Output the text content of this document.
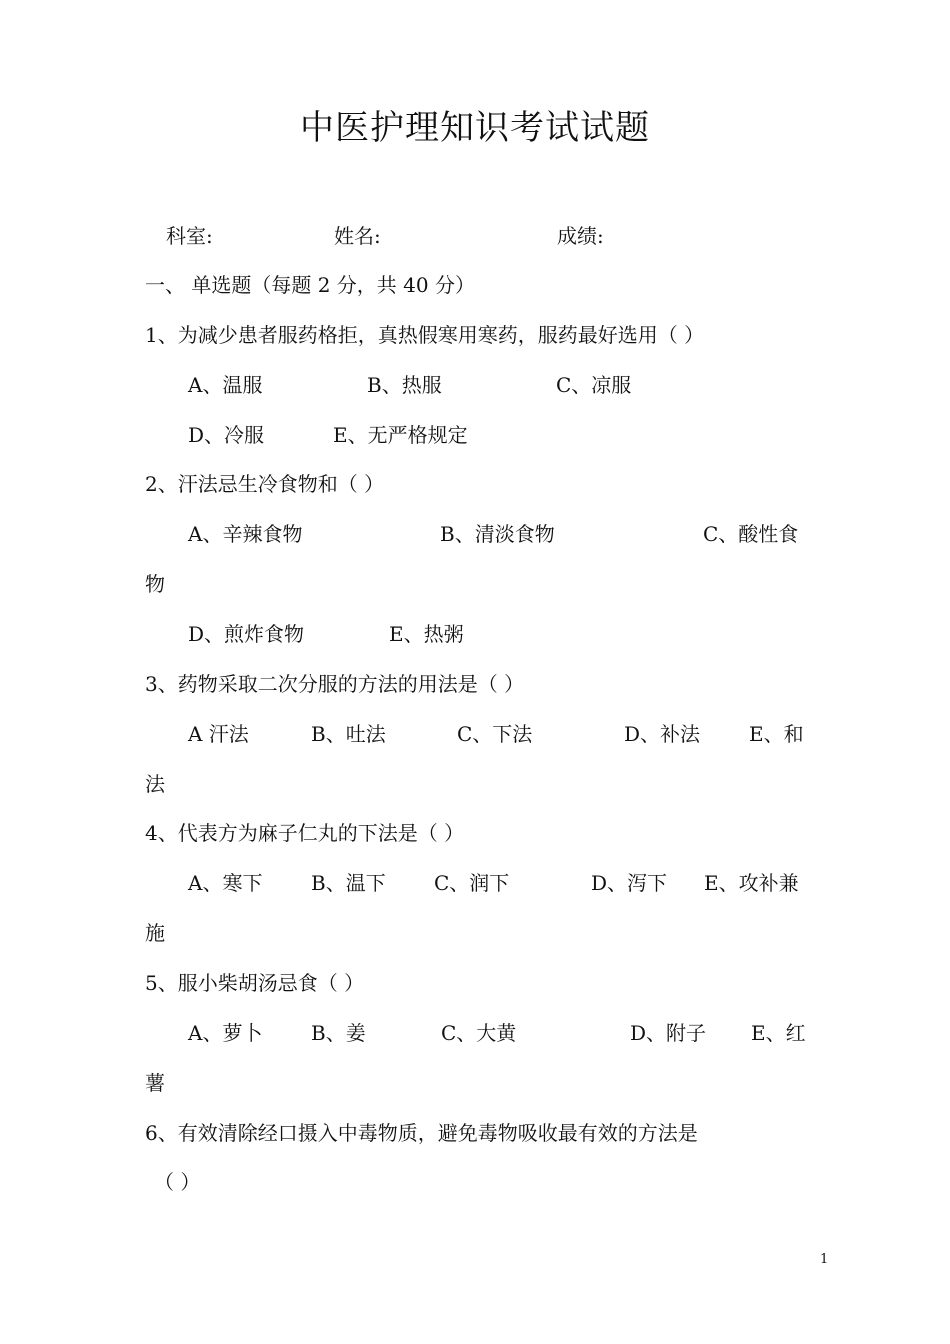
中医护理知识考试试题
科室:	姓名:	成绩:
一、 单选题（每题 2 分，共 40 分）
1、为减少患者服药格拒，真热假寒用寒药，服药最好选用（ ）
A、温服	B、热服	C、凉服
D、冷服	E、无严格规定
2、汗法忌生冷食物和（ ）
A、辛辣食物	B、清淡食物	C、酸性食
物
D、煎炸食物	E、热粥
3、药物采取二次分服的方法的用法是（ ）
A 汗法	B、吐法	C、下法	D、补法 E、和
法
4、代表方为麻子仁丸的下法是（ ）
A、寒下 B、温下 C、润下	D、泻下 E、攻补兼
施
5、服小柴胡汤忌食（ ）
A、萝卜 B、姜	C、大黄	D、附子 E、红
薯
6、有效清除经口摄入中毒物质，避免毒物吸收最有效的方法是
（ ）
1
